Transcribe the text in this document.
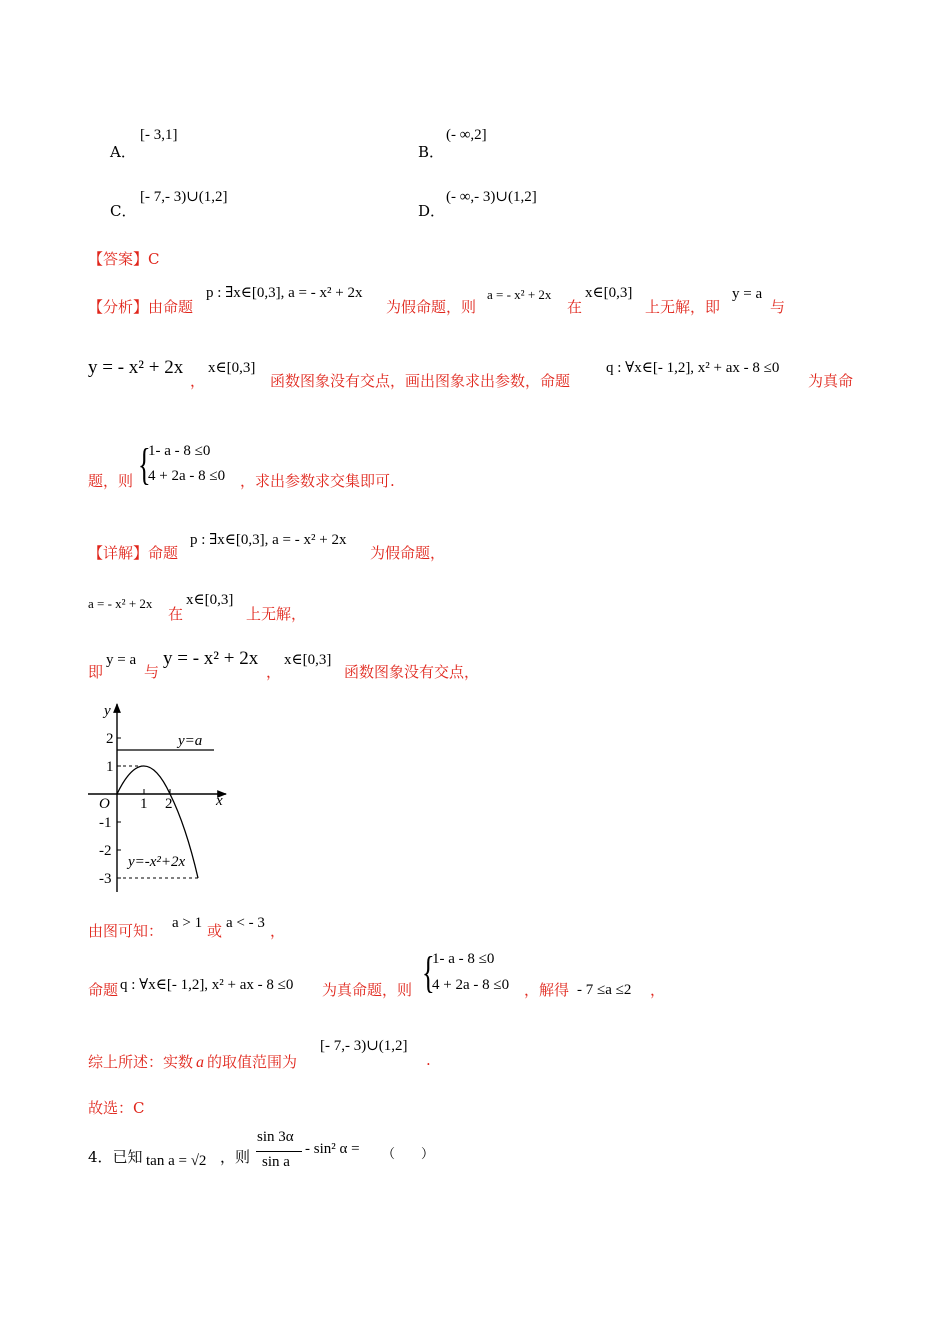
A．
[- 3,1]
B．
(- ∞,2]
C．
[- 7,- 3)∪(1,2]
D．
(- ∞,- 3)∪(1,2]
【答案】C
【分析】由命题
p : ∃x∈[0,3], a = - x² + 2x
为假命题，则
a = - x² + 2x
在
x∈[0,3]
上无解，即
y = a
与
y = - x² + 2x
，
x∈[0,3]
函数图象没有交点，画出图象求出参数，命题
q : ∀x∈[- 1,2], x² + ax - 8 ≤0
为真命
题，则 {
1- a - 8 ≤0
4 + 2a - 8 ≤0 ，求出参数求交集即可.
【详解】命题
p : ∃x∈[0,3], a = - x² + 2x
为假命题，
a = - x² + 2x
在
x∈[0,3]
上无解，
即
y = a
与
y = - x² + 2x
，
x∈[0,3]
函数图象没有交点，
y
x
O
2
1
-1
-2
-3
1 2
y=a
y=-x²+2x
由图可知： a > 1 或 a < - 3 ，
命题 q : ∀x∈[- 1,2], x² + ax - 8 ≤0 为真命题，则 {
1- a - 8 ≤0
4 + 2a - 8 ≤0 ，解得 - 7 ≤a ≤2 ，
综上所述：实数 a 的取值范围为
[- 7,- 3)∪(1,2]
.
故选：C
4．已知 tan a = √2 ，则
sin 3α
sin a
- sin² α = （　　）
